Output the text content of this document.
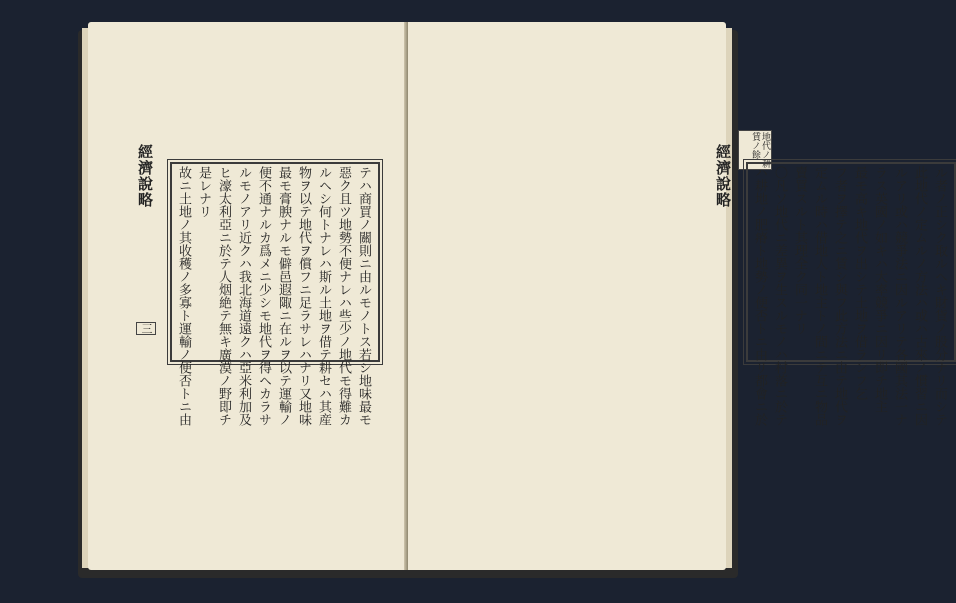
經濟說略
三	テハ商買ノ關則ニ由ルモノトス若シ地味最モ
惡ク且ツ地勢不便ナレハ些少ノ地代モ得難カ
ルヘシ何トナレハ斯ル土地ヲ借テ耕セハ其産
物ヲ以テ地代ヲ償フニ足ラサレハナリ又地味
最モ膏腴ナルモ僻邑遐陬ニ在ルヲ以テ運輸ノ
便不通ナルカ爲メニ少シモ地代ヲ得ヘカラサ
ルモノアリ近クハ我北海道遠クハ亞米利加及
ヒ濠太利亞ニ於テ人烟絶テ無キ廣漠ノ野即チ
是レナリ
故ニ土地ノ其收穫ノ多寡ト運輸ノ便否トニ由
地代ノ耕賃ノ餘
ル者ノ正シク取ルヘキ財貨ノ股分ナリ而シテ
此地代ノ定ムルノ方法ハ或ハ古來ノ慣習ニ因
ルアリ或ハ競爭法ニ因ルアリテ各國其法一ナ
ラス英國ノ如キハ大率競爭ニ因リ即チ地主
最モ高キ地代ヲ出シテ土地ヲ借ランフ乞
フ者ヲ擇テ之ニ賃シ與フ此方法ニ由テ地代ヲ
定ムル時ハ借地人ト地主トノ間ニテ互ニ物品
賣買スルト其理全ク同一ナリ
〇凡ソ地代ニ差異ヲ生スルモノハ村落ニ於テ
ハ耕地ノ肥瘠ト地勢ノ便否トニ由リ都會ニ於
經濟說略
